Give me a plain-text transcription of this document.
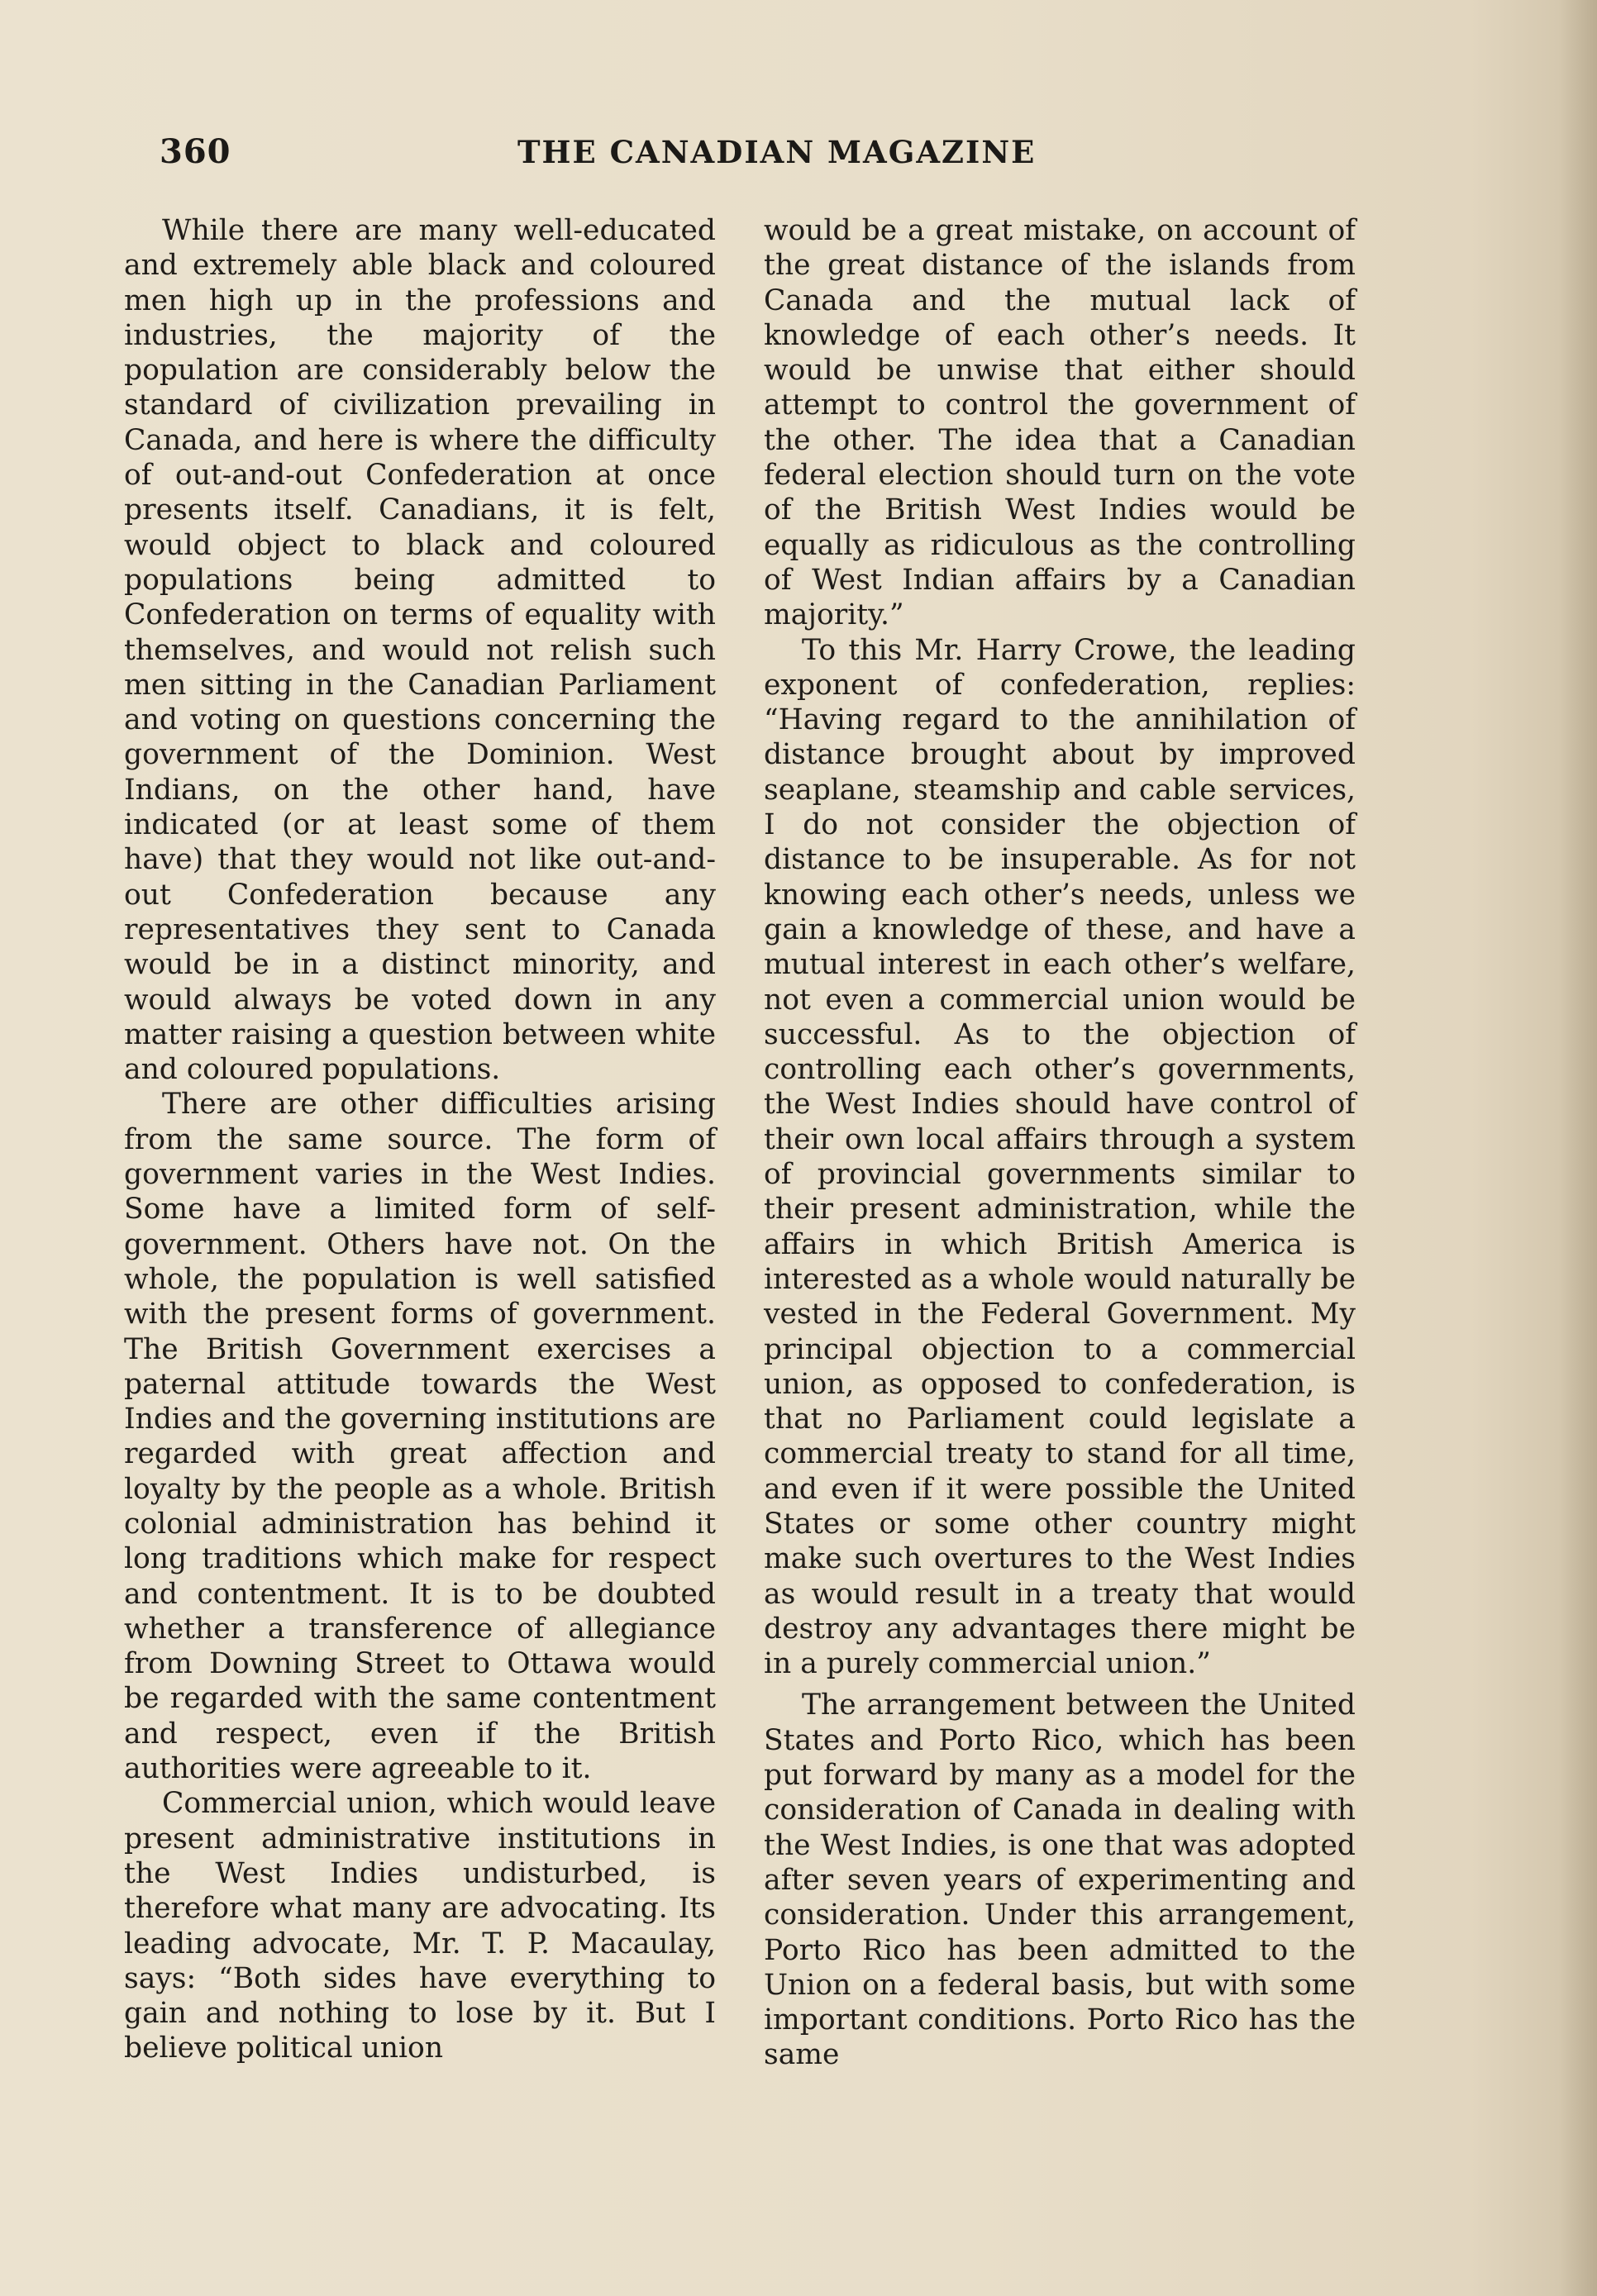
360	THE CANADIAN MAGAZINE

While there are many well-educated and extremely able black and coloured men high up in the professions and industries, the majority of the population are considerably below the standard of civilization prevailing in Canada, and here is where the difficulty of out-and-out Confederation at once presents itself. Canadians, it is felt, would object to black and coloured populations being admitted to Confederation on terms of equality with themselves, and would not relish such men sitting in the Canadian Parliament and voting on questions concerning the government of the Dominion. West Indians, on the other hand, have indicated (or at least some of them have) that they would not like out-and-out Confederation because any representatives they sent to Canada would be in a distinct minority, and would always be voted down in any matter raising a question between white and coloured populations.

There are other difficulties arising from the same source. The form of government varies in the West Indies. Some have a limited form of self-government. Others have not. On the whole, the population is well satisfied with the present forms of government. The British Government exercises a paternal attitude towards the West Indies and the governing institutions are regarded with great affection and loyalty by the people as a whole. British colonial administration has behind it long traditions which make for respect and contentment. It is to be doubted whether a transference of allegiance from Downing Street to Ottawa would be regarded with the same contentment and respect, even if the British authorities were agreeable to it.

Commercial union, which would leave present administrative institutions in the West Indies undisturbed, is therefore what many are advocating. Its leading advocate, Mr. T. P. Macaulay, says: “Both sides have everything to gain and nothing to lose by it. But I believe political union

would be a great mistake, on account of the great distance of the islands from Canada and the mutual lack of knowledge of each other’s needs. It would be unwise that either should attempt to control the government of the other. The idea that a Canadian federal election should turn on the vote of the British West Indies would be equally as ridiculous as the controlling of West Indian affairs by a Canadian majority.”

To this Mr. Harry Crowe, the leading exponent of confederation, replies: “Having regard to the annihilation of distance brought about by improved seaplane, steamship and cable services, I do not consider the objection of distance to be insuperable. As for not knowing each other’s needs, unless we gain a knowledge of these, and have a mutual interest in each other’s welfare, not even a commercial union would be successful. As to the objection of controlling each other’s governments, the West Indies should have control of their own local affairs through a system of provincial governments similar to their present administration, while the affairs in which British America is interested as a whole would naturally be vested in the Federal Government. My principal objection to a commercial union, as opposed to confederation, is that no Parliament could legislate a commercial treaty to stand for all time, and even if it were possible the United States or some other country might make such overtures to the West Indies as would result in a treaty that would destroy any advantages there might be in a purely commercial union.”

The arrangement between the United States and Porto Rico, which has been put forward by many as a model for the consideration of Canada in dealing with the West Indies, is one that was adopted after seven years of experimenting and consideration. Under this arrangement, Porto Rico has been admitted to the Union on a federal basis, but with some important conditions. Porto Rico has the same
